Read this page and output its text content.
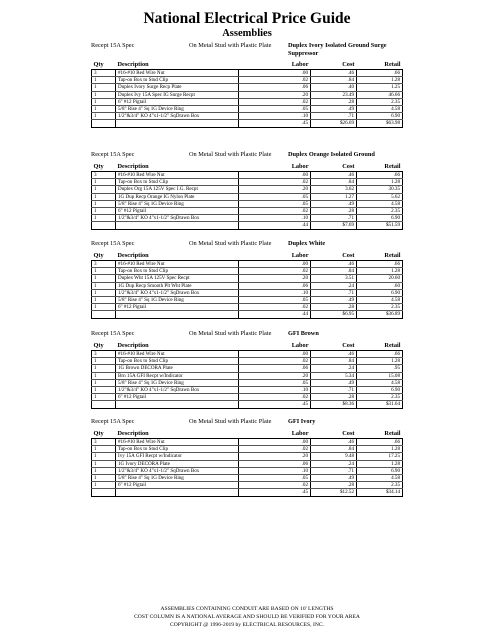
National Electrical Price Guide
Assemblies
Recept 15A Spec	On Metal Stud with Plastic Plate	Duplex Ivory Isolated Ground Surge Suppressor
Qty	Description	Labor	Cost	Retail
3	#16-#10 Red Wire Nut	.00	.46	.66
1	Tap-on Box to Stud Clip	.02	.84	1.28
1	Duplex Ivory Surge Recp Plate	.06	.40	1.25
1	Duplex Ivy 15A Spec IG Surge Recpt	.20	23.49	46.66
1	6" #12 Pigtail	.02	.28	2.35
1	5/8" Rise 4" Sq 1G Device Ring	.05	.49	4.58
1	1/2"&3/4" KO 4"x1-1/2" SqDrawn Box	.10	.71	6.90
		.45	$26.69	$63.98
Recept 15A Spec	On Metal Stud with Plastic Plate	Duplex Orange Isolated Ground
Qty	Description	Labor	Cost	Retail
3	#16-#10 Red Wire Nut	.00	.46	.66
1	Tap-on Box to Stud Clip	.02	.84	1.28
1	Duplex Org 15A 125V Spec I.G. Recpt	.20	3.62	30.35
1	1G Dup Recp Orange IG Nylon Plate	.05	1.27	5.62
1	5/8" Rise 4" Sq 1G Device Ring	.05	.49	4.58
1	6" #12 Pigtail	.02	.28	2.35
1	1/2"&3/4" KO 4"x1-1/2" SqDrawn Box	.10	.71	6.90
		.44	$7.69	$51.59
Recept 15A Spec	On Metal Stud with Plastic Plate	Duplex White
Qty	Description	Labor	Cost	Retail
3	#16-#10 Red Wire Nut	.00	.46	.66
1	Tap-on Box to Stud Clip	.02	.84	1.28
1	Duplex Wht 15A 125V Spec Recpt	.20	3.51	20.60
1	1G Dup Recp Smooth Plt Wht Plate	.06	.24	.60
1	1/2"&3/4" KO 4"x1-1/2" SqDrawn Box	.10	.71	6.90
1	5/8" Rise 4" Sq 1G Device Ring	.05	.49	4.58
1	6" #12 Pigtail	.02	.28	2.35
		.44	$6.95	$36.89
Recept 15A Spec	On Metal Stud with Plastic Plate	GFI Brown
Qty	Description	Labor	Cost	Retail
3	#16-#10 Red Wire Nut	.00	.46	.66
1	Tap-on Box to Stud Clip	.02	.84	1.28
1	1G Brown DECORA Plate	.06	.24	.95
1	Brn 15A GFI Recpt w/Indicator	.20	5.34	15.08
1	5/8" Rise 4" Sq 1G Device Ring	.05	.49	4.58
1	1/2"&3/4" KO 4"x1-1/2" SqDrawn Box	.10	.71	6.90
1	6" #12 Pigtail	.02	.28	2.35
		.45	$8.36	$31.64
Recept 15A Spec	On Metal Stud with Plastic Plate	GFI Ivory
Qty	Description	Labor	Cost	Retail
3	#16-#10 Red Wire Nut	.00	.46	.66
1	Tap-on Box to Stud Clip	.02	.84	1.28
1	Ivy 15A GFI Recpt w/Indicator	.20	9.48	17.25
1	1G Ivory DECORA Plate	.06	.24	1.28
1	1/2"&3/4" KO 4"x1-1/2" SqDrawn Box	.10	.71	6.90
1	5/8" Rise 4" Sq 1G Device Ring	.05	.49	4.58
1	6" #12 Pigtail	.02	.28	2.35
		.45	$12.52	$34.14
ASSEMBLIES CONTAINING CONDUIT ARE BASED ON 10' LENGTHS
COST COLUMN IS A NATIONAL AVERAGE AND SHOULD BE VERIFIED FOR YOUR AREA
COPYRIGHT @ 1996-2019 by ELECTRICAL RESOURCES, INC.
